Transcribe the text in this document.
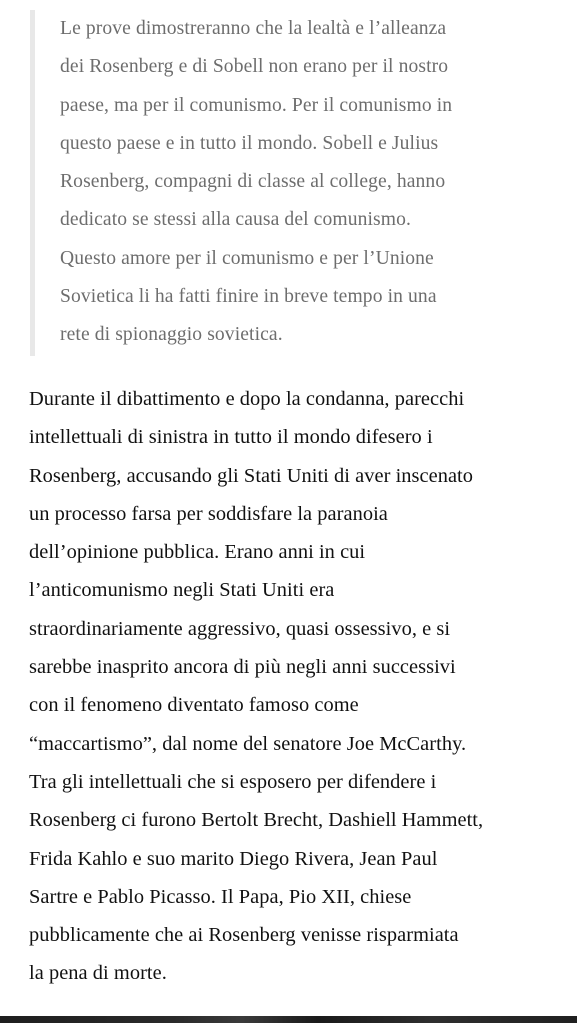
Le prove dimostreranno che la lealtà e l’alleanza
dei Rosenberg e di Sobell non erano per il nostro
paese, ma per il comunismo. Per il comunismo in
questo paese e in tutto il mondo. Sobell e Julius
Rosenberg, compagni di classe al college, hanno
dedicato se stessi alla causa del comunismo.
Questo amore per il comunismo e per l’Unione
Sovietica li ha fatti finire in breve tempo in una
rete di spionaggio sovietica.

Durante il dibattimento e dopo la condanna, parecchi
intellettuali di sinistra in tutto il mondo difesero i
Rosenberg, accusando gli Stati Uniti di aver inscenato
un processo farsa per soddisfare la paranoia
dell’opinione pubblica. Erano anni in cui
l’anticomunismo negli Stati Uniti era
straordinariamente aggressivo, quasi ossessivo, e si
sarebbe inasprito ancora di più negli anni successivi
con il fenomeno diventato famoso come
“maccartismo”, dal nome del senatore Joe McCarthy.
Tra gli intellettuali che si esposero per difendere i
Rosenberg ci furono Bertolt Brecht, Dashiell Hammett,
Frida Kahlo e suo marito Diego Rivera, Jean Paul
Sartre e Pablo Picasso. Il Papa, Pio XII, chiese
pubblicamente che ai Rosenberg venisse risparmiata
la pena di morte.
